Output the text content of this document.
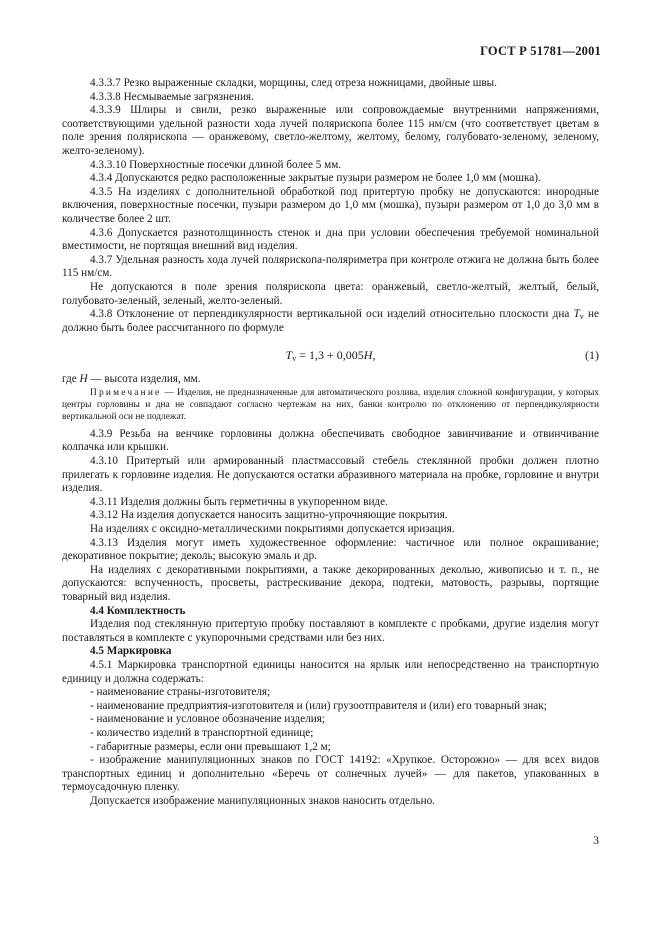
ГОСТ Р 51781—2001

4.3.3.7 Резко выраженные складки, морщины, след отреза ножницами, двойные швы.

4.3.3.8 Несмываемые загрязнения.

4.3.3.9 Шлиры и свили, резко выраженные или сопровождаемые внутренними напряжениями, соответствующими удельной разности хода лучей полярископа более 115 нм/см (что соответствует цветам в поле зрения полярископа — оранжевому, светло-желтому, желтому, белому, голубовато-зеленому, зеленому, желто-зеленому).

4.3.3.10 Поверхностные посечки длиной более 5 мм.

4.3.4 Допускаются редко расположенные закрытые пузыри размером не более 1,0 мм (мошка).

4.3.5 На изделиях с дополнительной обработкой под притертую пробку не допускаются: инородные включения, поверхностные посечки, пузыри размером до 1,0 мм (мошка), пузыри размером от 1,0 до 3,0 мм в количестве более 2 шт.

4.3.6 Допускается разнотолщинность стенок и дна при условии обеспечения требуемой номинальной вместимости, не портящая внешний вид изделия.

4.3.7 Удельная разность хода лучей полярископа-поляриметра при контроле отжига не должна быть более 115 нм/см.

Не допускаются в поле зрения полярископа цвета: оранжевый, светло-желтый, желтый, белый, голубовато-зеленый, зеленый, желто-зеленый.

4.3.8 Отклонение от перпендикулярности вертикальной оси изделий относительно плоскости дна $T_v$ не должно быть более рассчитанного по формуле

$T_v = 1,3 + 0,005H$,	(1)

где H — высота изделия, мм.

Примечание — Изделия, не предназначенные для автоматического розлива, изделия сложной конфигурации, у которых центры горловины и дна не совпадают согласно чертежам на них, банки контролю по отклонению от перпендикулярности вертикальной оси не подлежат.

4.3.9 Резьба на венчике горловины должна обеспечивать свободное завинчивание и отвинчивание колпачка или крышки.

4.3.10 Притертый или армированный пластмассовый стебель стеклянной пробки должен плотно прилегать к горловине изделия. Не допускаются остатки абразивного материала на пробке, горловине и внутри изделия.

4.3.11 Изделия должны быть герметичны в укупоренном виде.

4.3.12 На изделия допускается наносить защитно-упрочняющие покрытия.

На изделиях с оксидно-металлическими покрытиями допускается иризация.

4.3.13 Изделия могут иметь художественное оформление: частичное или полное окрашивание; декоративное покрытие; деколь; высокую эмаль и др.

На изделиях с декоративными покрытиями, а также декорированных деколью, живописью и т. п., не допускаются: вспученность, просветы, растрескивание декора, подтеки, матовость, разрывы, портящие товарный вид изделия.

4.4 Комплектность

Изделия под стеклянную притертую пробку поставляют в комплекте с пробками, другие изделия могут поставляться в комплекте с укупорочными средствами или без них.

4.5 Маркировка

4.5.1 Маркировка транспортной единицы наносится на ярлык или непосредственно на транспортную единицу и должна содержать:

- наименование страны-изготовителя;

- наименование предприятия-изготовителя и (или) грузоотправителя и (или) его товарный знак;

- наименование и условное обозначение изделия;

- количество изделий в транспортной единице;

- габаритные размеры, если они превышают 1,2 м;

- изображение манипуляционных знаков по ГОСТ 14192: «Хрупкое. Осторожно» — для всех видов транспортных единиц и дополнительно «Беречь от солнечных лучей» — для пакетов, упакованных в термоусадочную пленку.

Допускается изображение манипуляционных знаков наносить отдельно.

3
